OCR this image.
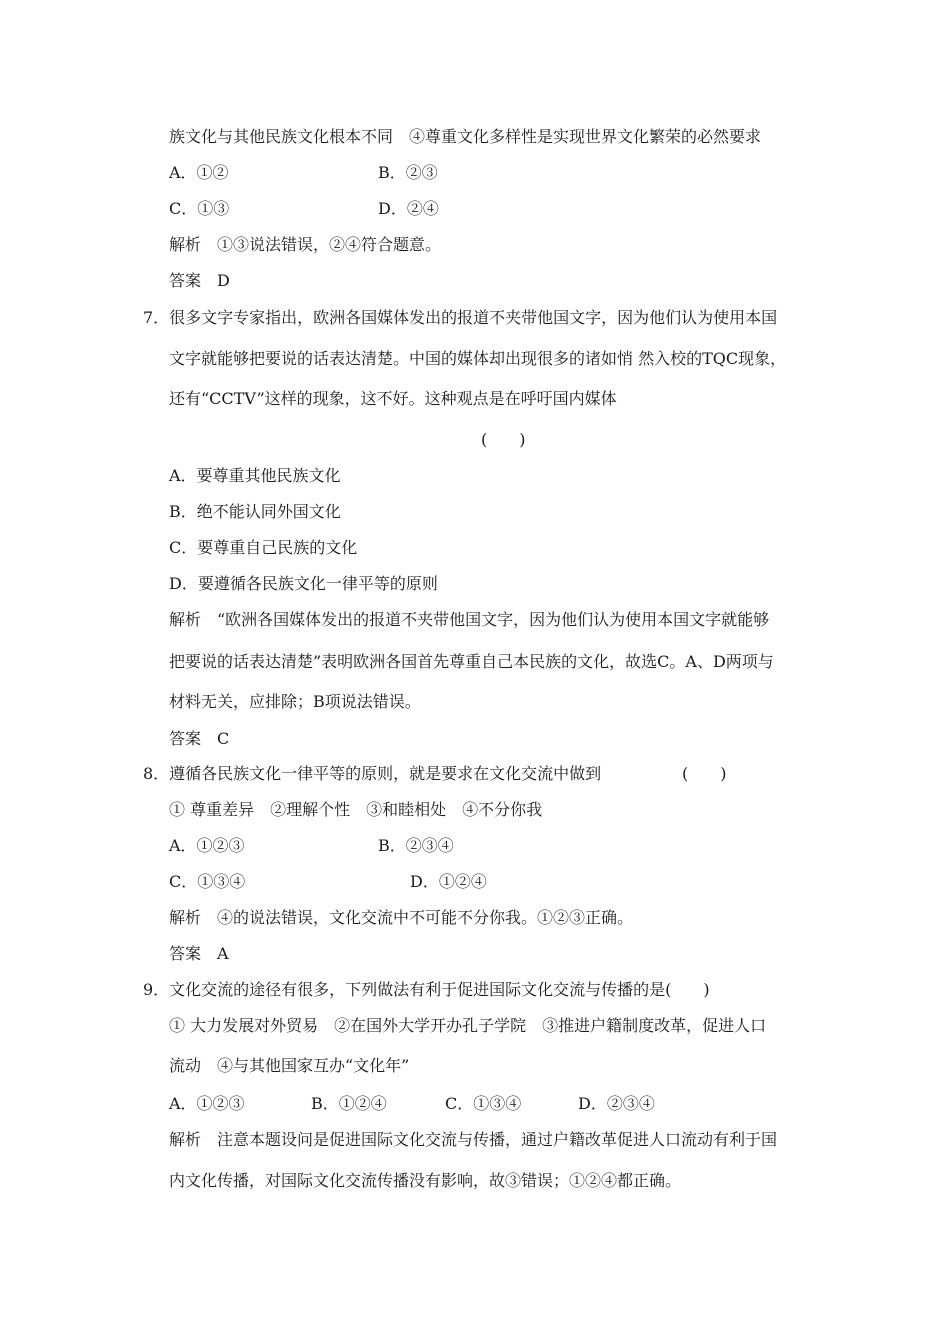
族文化与其他民族文化根本不同　④尊重文化多样性是实现世界文化繁荣的必然要求
A．①②	B．②③
C．①③	D．②④
解析　①③说法错误，②④符合题意。
答案　D
7．很多文字专家指出，欧洲各国媒体发出的报道不夹带他国文字，因为他们认为使用本国
文字就能够把要说的话表达清楚。中国的媒体却出现很多的诸如悄 然入校的TQC现象，
还有“CCTV”这样的现象，这不好。这种观点是在呼吁国内媒体
(　　)
A．要尊重其他民族文化
B．绝不能认同外国文化
C．要尊重自己民族的文化
D．要遵循各民族文化一律平等的原则
解析　“欧洲各国媒体发出的报道不夹带他国文字，因为他们认为使用本国文字就能够
把要说的话表达清楚”表明欧洲各国首先尊重自己本民族的文化，故选C。A、D两项与
材料无关，应排除；B项说法错误。
答案　C
8．遵循各民族文化一律平等的原则，就是要求在文化交流中做到	(　　)
① 尊重差异　②理解个性　③和睦相处　④不分你我
A．①②③	B．②③④
C．①③④	D．①②④
解析　④的说法错误，文化交流中不可能不分你我。①②③正确。
答案　A
9．文化交流的途径有很多，下列做法有利于促进国际文化交流与传播的是(　　)
① 大力发展对外贸易　②在国外大学开办孔子学院　③推进户籍制度改革，促进人口
流动　④与其他国家互办“文化年”
A．①②③	B．①②④	C．①③④	D．②③④
解析　注意本题设问是促进国际文化交流与传播，通过户籍改革促进人口流动有利于国
内文化传播，对国际文化交流传播没有影响，故③错误；①②④都正确。
